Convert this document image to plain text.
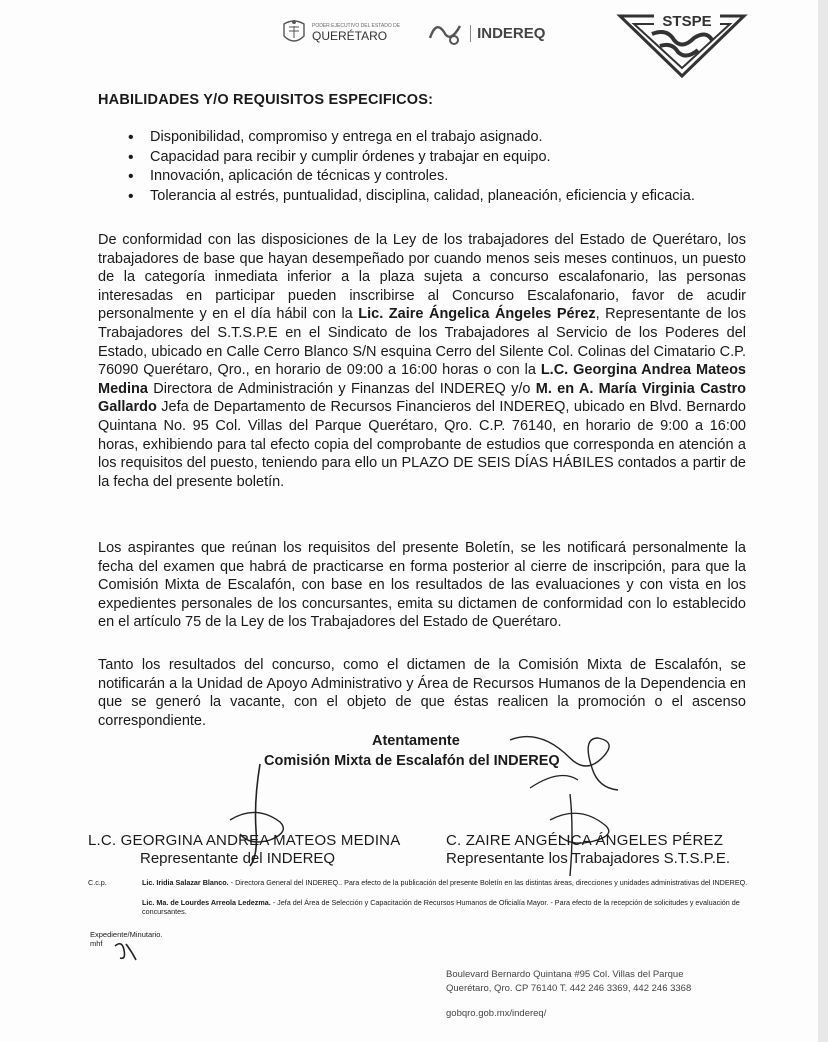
PODER EJECUTIVO DEL ESTADO DE
QUERÉTARO	INDEREQ
STSPE
HABILIDADES Y/O REQUISITOS ESPECIFICOS:
• Disponibilidad, compromiso y entrega en el trabajo asignado.
• Capacidad para recibir y cumplir órdenes y trabajar en equipo.
• Innovación, aplicación de técnicas y controles.
• Tolerancia al estrés, puntualidad, disciplina, calidad, planeación, eficiencia y eficacia.
De conformidad con las disposiciones de la Ley de los trabajadores del Estado de Querétaro, los trabajadores de base que hayan desempeñado por cuando menos seis meses continuos, un puesto de la categoría inmediata inferior a la plaza sujeta a concurso escalafonario, las personas interesadas en participar pueden inscribirse al Concurso Escalafonario, favor de acudir personalmente y en el día hábil con la Lic. Zaire Ángelica Ángeles Pérez, Representante de los Trabajadores del S.T.S.P.E en el Sindicato de los Trabajadores al Servicio de los Poderes del Estado, ubicado en Calle Cerro Blanco S/N esquina Cerro del Silente Col. Colinas del Cimatario C.P. 76090 Querétaro, Qro., en horario de 09:00 a 16:00 horas o con la L.C. Georgina Andrea Mateos Medina Directora de Administración y Finanzas del INDEREQ y/o M. en A. María Virginia Castro Gallardo Jefa de Departamento de Recursos Financieros del INDEREQ, ubicado en Blvd. Bernardo Quintana No. 95 Col. Villas del Parque Querétaro, Qro. C.P. 76140, en horario de 9:00 a 16:00 horas, exhibiendo para tal efecto copia del comprobante de estudios que corresponda en atención a los requisitos del puesto, teniendo para ello un PLAZO DE SEIS DÍAS HÁBILES contados a partir de la fecha del presente boletín.
Los aspirantes que reúnan los requisitos del presente Boletín, se les notificará personalmente la fecha del examen que habrá de practicarse en forma posterior al cierre de inscripción, para que la Comisión Mixta de Escalafón, con base en los resultados de las evaluaciones y con vista en los expedientes personales de los concursantes, emita su dictamen de conformidad con lo establecido en el artículo 75 de la Ley de los Trabajadores del Estado de Querétaro.
Tanto los resultados del concurso, como el dictamen de la Comisión Mixta de Escalafón, se notificarán a la Unidad de Apoyo Administrativo y Área de Recursos Humanos de la Dependencia en que se generó la vacante, con el objeto de que éstas realicen la promoción o el ascenso correspondiente.
Atentamente
Comisión Mixta de Escalafón del INDEREQ
L.C. GEORGINA ANDREA MATEOS MEDINA
Representante del INDEREQ
C. ZAIRE ANGÉLICA ÁNGELES PÉREZ
Representante los Trabajadores S.T.S.P.E.
C.c.p.	Lic. Iridia Salazar Blanco. - Directora General del INDEREQ.. Para efecto de la publicación del presente Boletín en las distintas áreas, direcciones y unidades administrativas del INDEREQ.
Lic. Ma. de Lourdes Arreola Ledezma. - Jefa del Área de Selección y Capacitación de Recursos Humanos de Oficialía Mayor. - Para efecto de la recepción de solicitudes y evaluación de concursantes.
Expediente/Minutario.
mhf
Boulevard Bernardo Quintana #95 Col. Villas del Parque
Querétaro, Qro. CP 76140 T. 442 246 3369, 442 246 3368
gobqro.gob.mx/indereq/
